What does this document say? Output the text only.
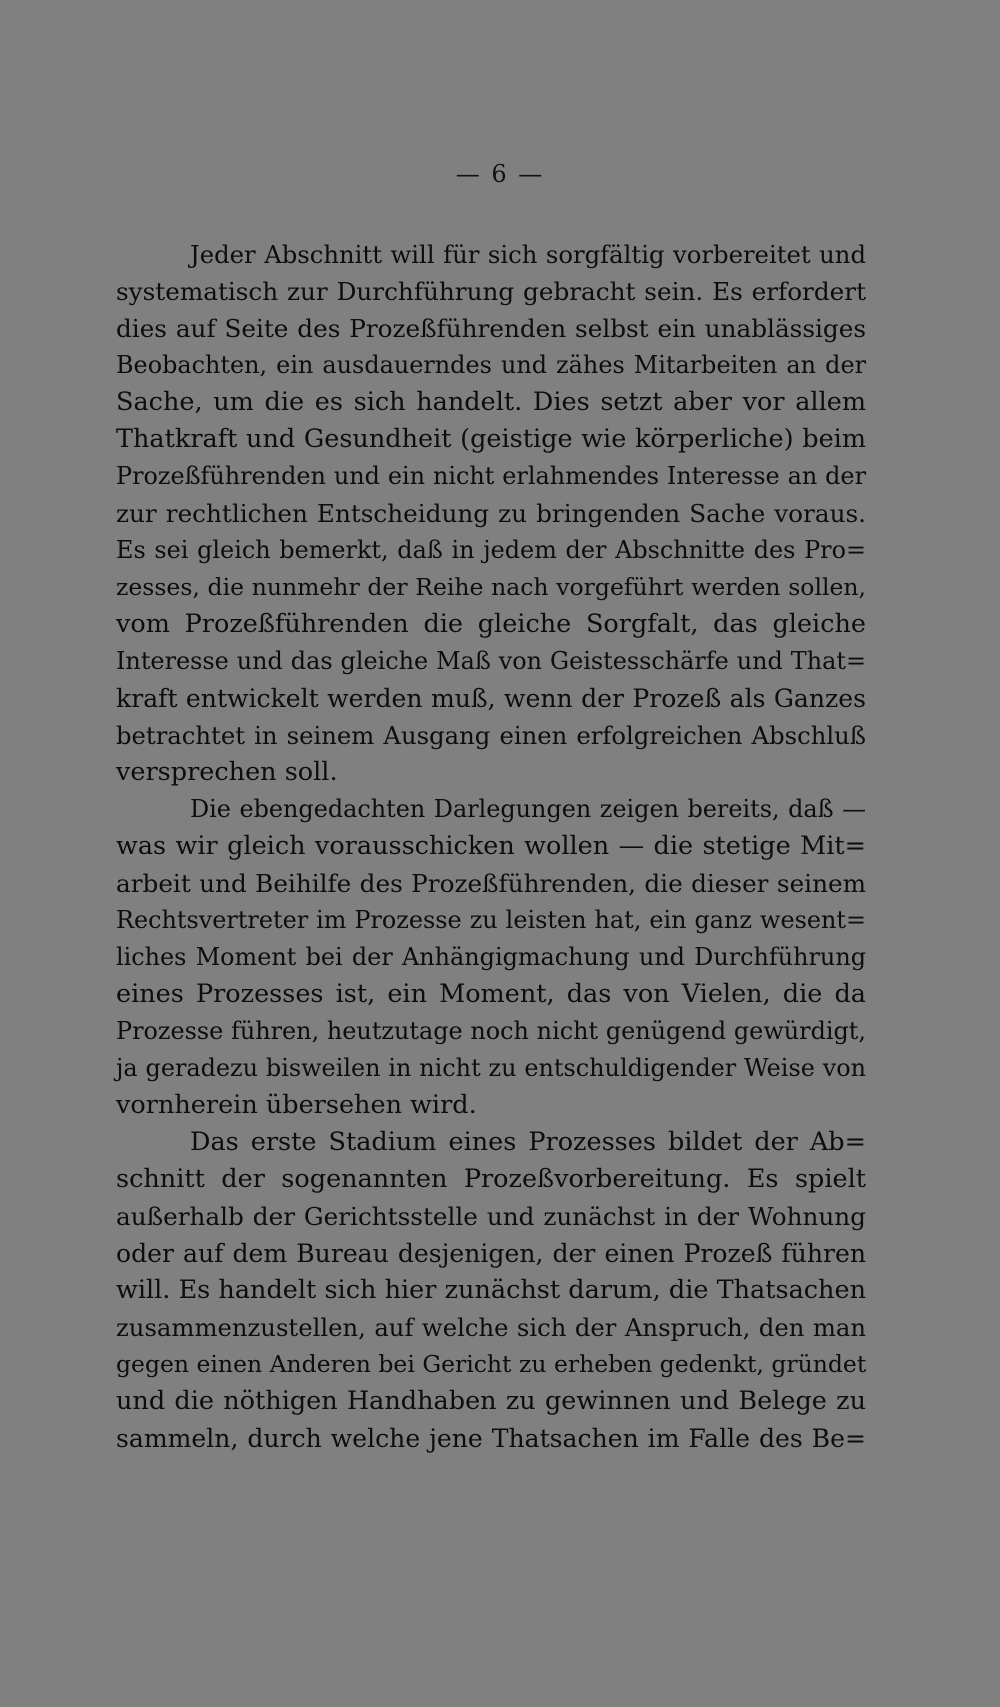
— 6 —
Jeder Abschnitt will für sich sorgfältig vorbereitet und
systematisch zur Durchführung gebracht sein. Es erfordert
dies auf Seite des Prozeßführenden selbst ein unablässiges
Beobachten, ein ausdauerndes und zähes Mitarbeiten an der
Sache, um die es sich handelt. Dies setzt aber vor allem
Thatkraft und Gesundheit (geistige wie körperliche) beim
Prozeßführenden und ein nicht erlahmendes Interesse an der
zur rechtlichen Entscheidung zu bringenden Sache voraus.
Es sei gleich bemerkt, daß in jedem der Abschnitte des Pro=
zesses, die nunmehr der Reihe nach vorgeführt werden sollen,
vom Prozeßführenden die gleiche Sorgfalt, das gleiche
Interesse und das gleiche Maß von Geistesschärfe und That=
kraft entwickelt werden muß, wenn der Prozeß als Ganzes
betrachtet in seinem Ausgang einen erfolgreichen Abschluß
versprechen soll.
Die ebengedachten Darlegungen zeigen bereits, daß —
was wir gleich vorausschicken wollen — die stetige Mit=
arbeit und Beihilfe des Prozeßführenden, die dieser seinem
Rechtsvertreter im Prozesse zu leisten hat, ein ganz wesent=
liches Moment bei der Anhängigmachung und Durchführung
eines Prozesses ist, ein Moment, das von Vielen, die da
Prozesse führen, heutzutage noch nicht genügend gewürdigt,
ja geradezu bisweilen in nicht zu entschuldigender Weise von
vornherein übersehen wird.
Das erste Stadium eines Prozesses bildet der Ab=
schnitt der sogenannten Prozeßvorbereitung. Es spielt
außerhalb der Gerichtsstelle und zunächst in der Wohnung
oder auf dem Bureau desjenigen, der einen Prozeß führen
will. Es handelt sich hier zunächst darum, die Thatsachen
zusammenzustellen, auf welche sich der Anspruch, den man
gegen einen Anderen bei Gericht zu erheben gedenkt, gründet
und die nöthigen Handhaben zu gewinnen und Belege zu
sammeln, durch welche jene Thatsachen im Falle des Be=
